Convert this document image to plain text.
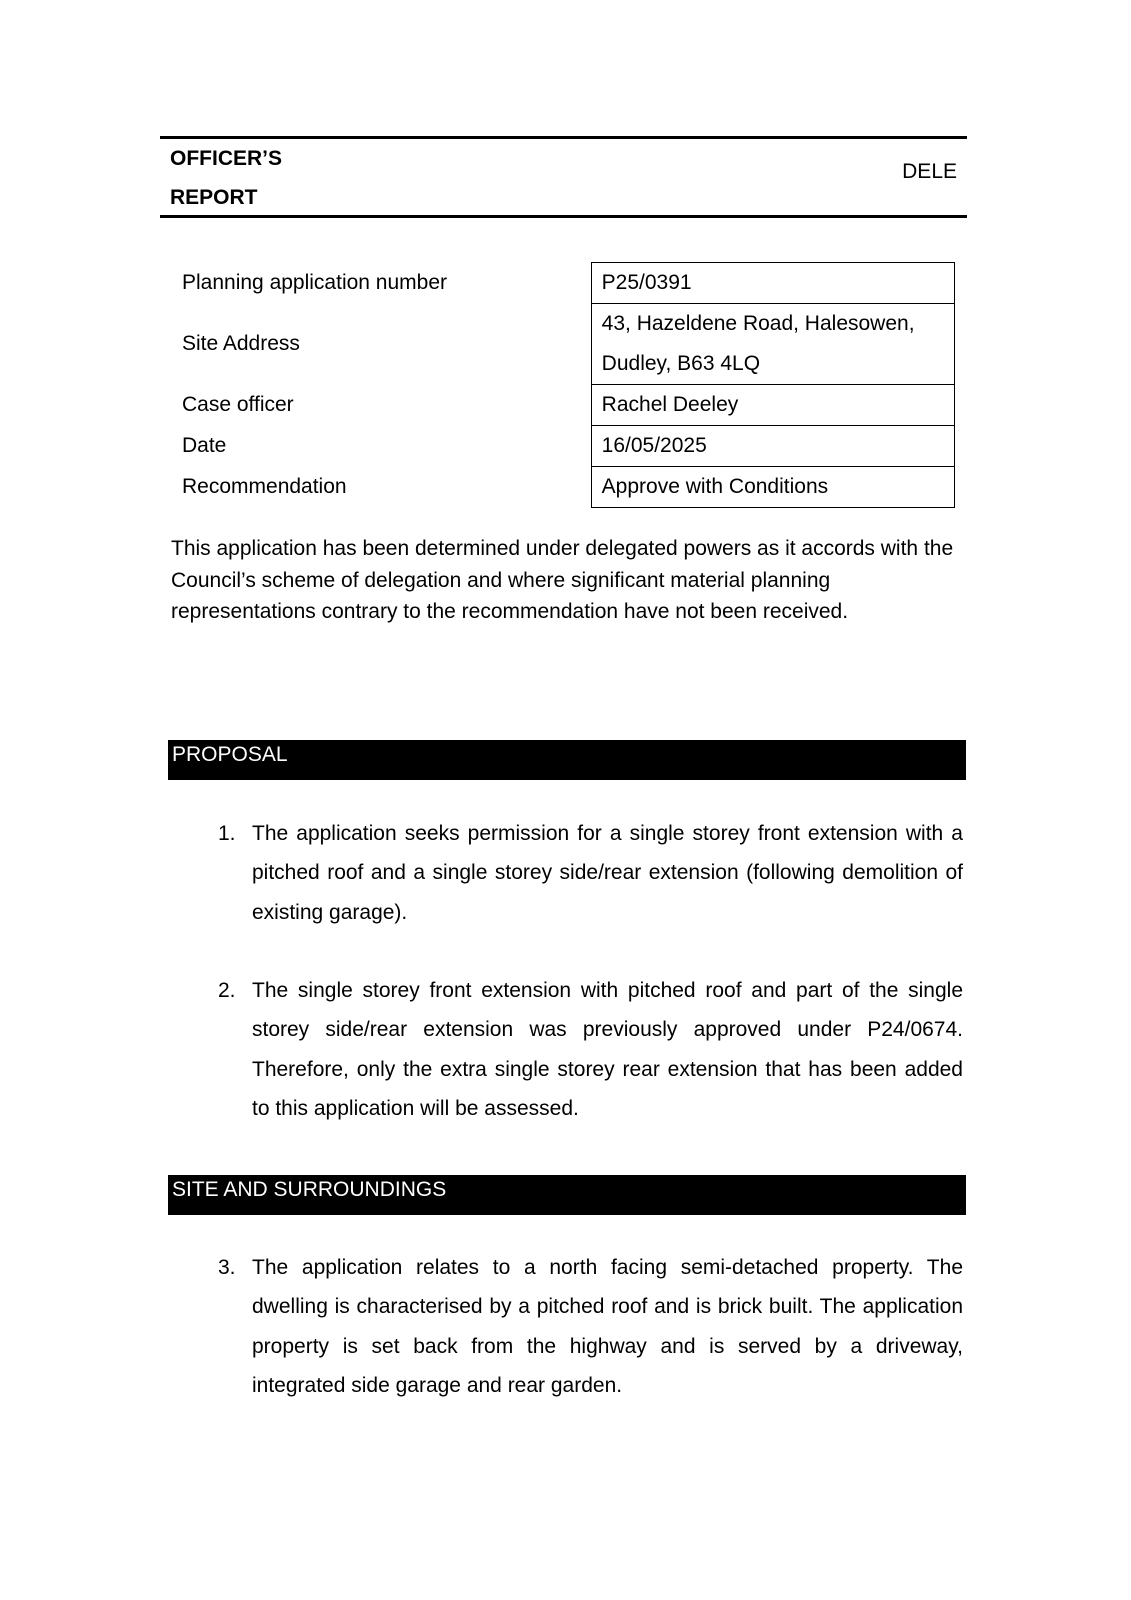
OFFICER’S
REPORT
DELE
Planning application number	P25/0391
Site Address	43, Hazeldene Road, Halesowen, Dudley, B63 4LQ
Case officer	Rachel Deeley
Date	16/05/2025
Recommendation	Approve with Conditions

This application has been determined under delegated powers as it accords with the Council’s scheme of delegation and where significant material planning representations contrary to the recommendation have not been received.

PROPOSAL
1. The application seeks permission for a single storey front extension with a pitched roof and a single storey side/rear extension (following demolition of existing garage).
2. The single storey front extension with pitched roof and part of the single storey side/rear extension was previously approved under P24/0674. Therefore, only the extra single storey rear extension that has been added to this application will be assessed.
SITE AND SURROUNDINGS
3. The application relates to a north facing semi-detached property. The dwelling is characterised by a pitched roof and is brick built. The application property is set back from the highway and is served by a driveway, integrated side garage and rear garden.
